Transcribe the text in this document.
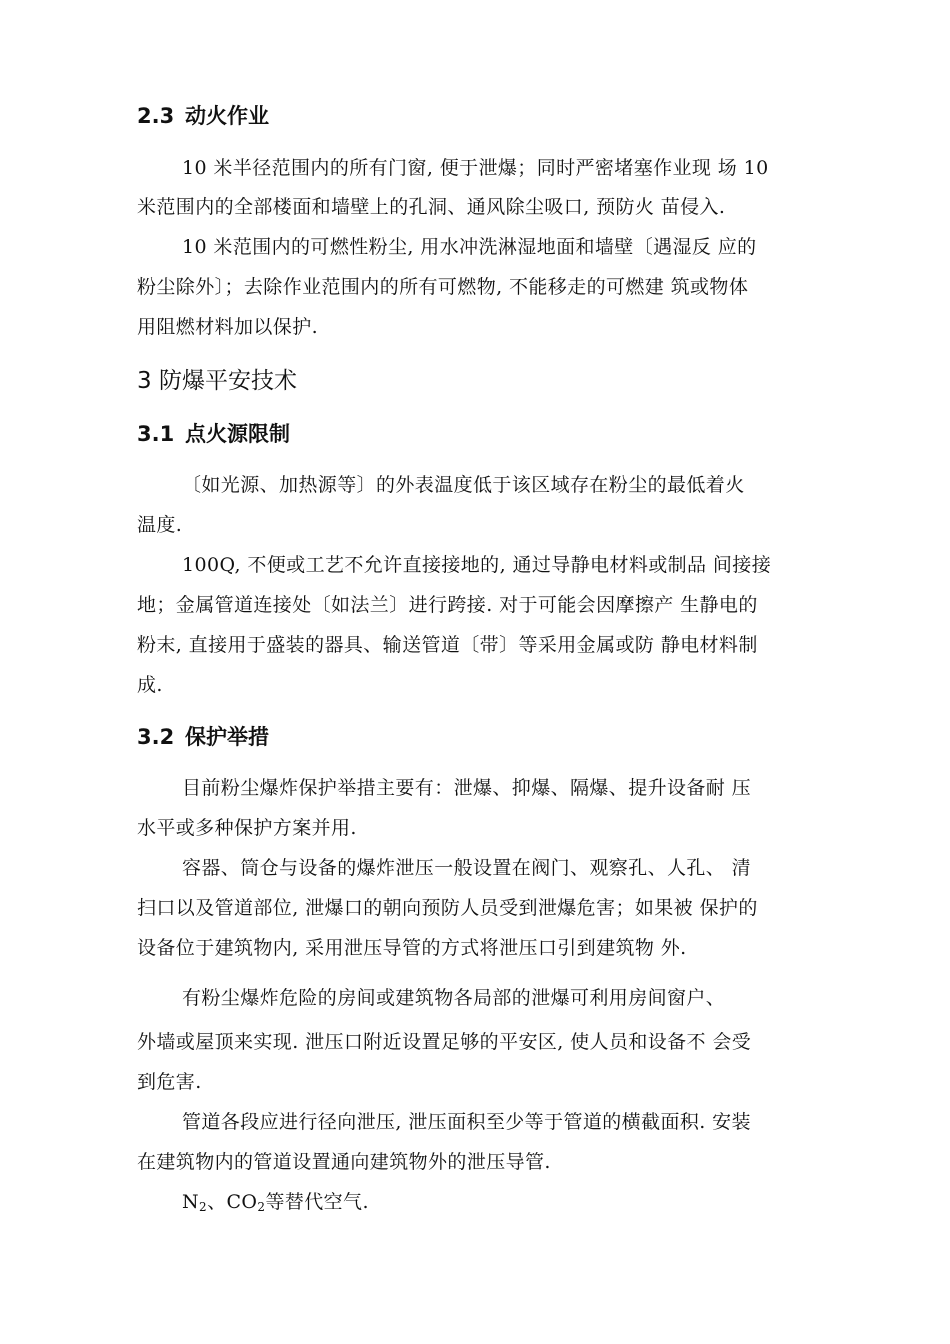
2.3 动火作业
10 米半径范围内的所有门窗, 便于泄爆；同时严密堵塞作业现 场 10
米范围内的全部楼面和墙壁上的孔洞、通风除尘吸口, 预防火 苗侵入.
10 米范围内的可燃性粉尘, 用水冲洗淋湿地面和墙壁〔遇湿反 应的
粉尘除外〕；去除作业范围内的所有可燃物, 不能移走的可燃建 筑或物体
用阻燃材料加以保护.
3 防爆平安技术
3.1 点火源限制
〔如光源、加热源等〕的外表温度低于该区域存在粉尘的最低着火
温度.
100Q, 不便或工艺不允许直接接地的, 通过导静电材料或制品 间接接
地；金属管道连接处〔如法兰〕进行跨接. 对于可能会因摩擦产 生静电的
粉末, 直接用于盛装的器具、输送管道〔带〕等采用金属或防 静电材料制
成.
3.2 保护举措
目前粉尘爆炸保护举措主要有：泄爆、抑爆、隔爆、提升设备耐 压
水平或多种保护方案并用.
容器、筒仓与设备的爆炸泄压一般设置在阀门、观察孔、人孔、 清
扫口以及管道部位, 泄爆口的朝向预防人员受到泄爆危害；如果被 保护的
设备位于建筑物内, 采用泄压导管的方式将泄压口引到建筑物 外.
有粉尘爆炸危险的房间或建筑物各局部的泄爆可利用房间窗户、
外墙或屋顶来实现. 泄压口附近设置足够的平安区, 使人员和设备不 会受
到危害.
管道各段应进行径向泄压, 泄压面积至少等于管道的横截面积. 安装
在建筑物内的管道设置通向建筑物外的泄压导管.
$N_2$、$CO_2$等替代空气.
